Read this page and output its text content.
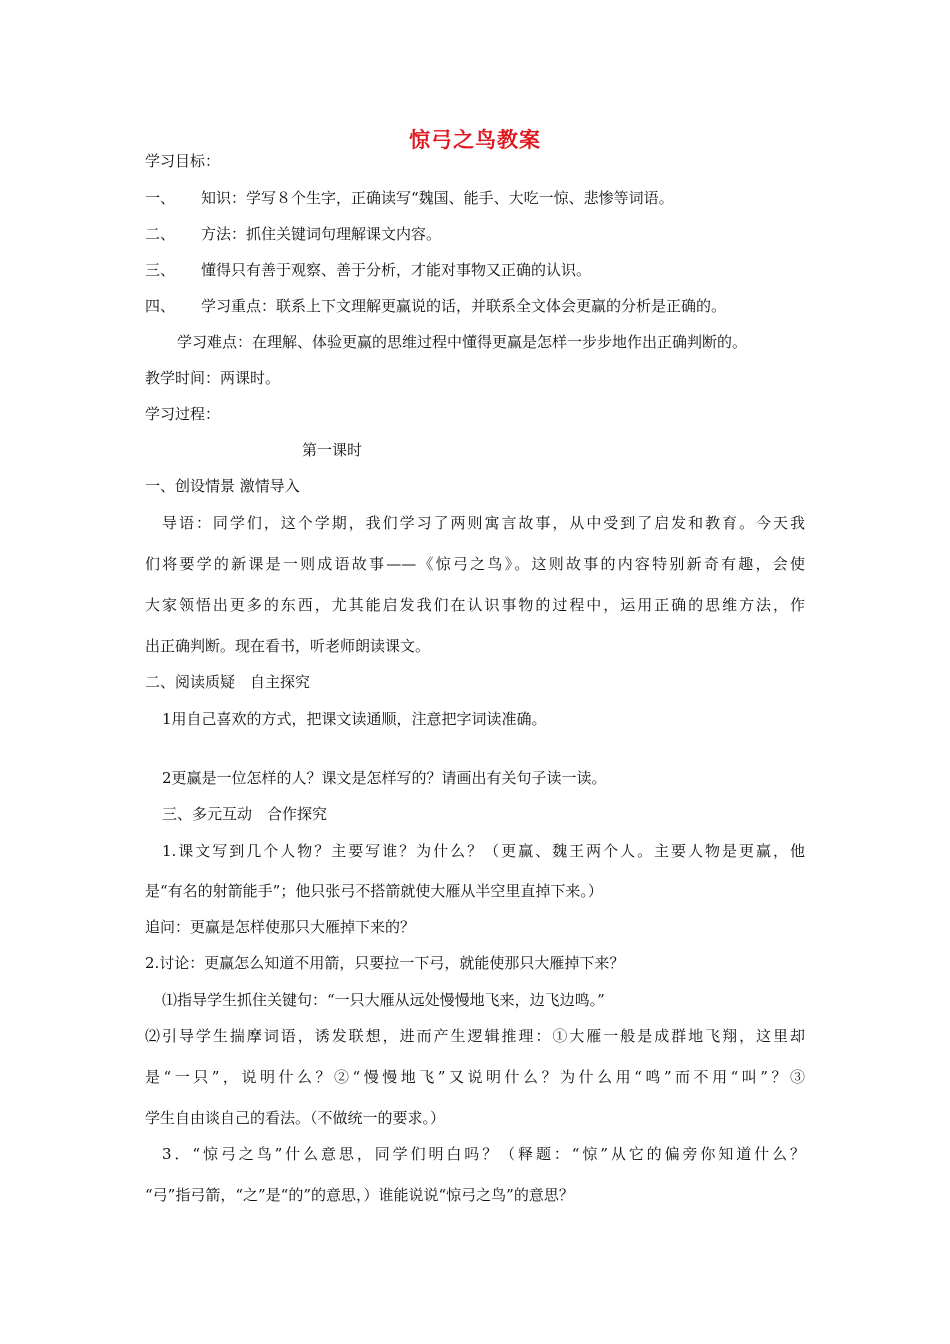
惊弓之鸟教案
学习目标：
一、 知识：学写８个生字，正确读写“魏国、能手、大吃一惊、悲惨等词语。
二、 方法：抓住关键词句理解课文内容。
三、 懂得只有善于观察、善于分析，才能对事物又正确的认识。
四、 学习重点：联系上下文理解更赢说的话，并联系全文体会更赢的分析是正确的。
学习难点：在理解、体验更赢的思维过程中懂得更赢是怎样一步步地作出正确判断的。
教学时间：两课时。
学习过程：
第一课时
一、创设情景 激情导入
导语：同学们，这个学期，我们学习了两则寓言故事，从中受到了启发和教育。今天我
们将要学的新课是一则成语故事——《惊弓之鸟》。这则故事的内容特别新奇有趣，会使
大家领悟出更多的东西，尤其能启发我们在认识事物的过程中，运用正确的思维方法，作
出正确判断。现在看书，听老师朗读课文。
二、阅读质疑　自主探究
1用自己喜欢的方式，把课文读通顺，注意把字词读准确。
2更赢是一位怎样的人？课文是怎样写的？请画出有关句子读一读。
三、多元互动　合作探究
1.课文写到几个人物？主要写谁？为什么？（更赢、魏王两个人。主要人物是更赢，他
是“有名的射箭能手”；他只张弓不搭箭就使大雁从半空里直掉下来。）
追问：更赢是怎样使那只大雁掉下来的？
2.讨论：更赢怎么知道不用箭，只要拉一下弓，就能使那只大雁掉下来？
⑴指导学生抓住关键句：“一只大雁从远处慢慢地飞来，边飞边鸣。”
⑵引导学生揣摩词语，诱发联想，进而产生逻辑推理：①大雁一般是成群地飞翔，这里却
是“一只”，说明什么？②“慢慢地飞”又说明什么？为什么用“鸣”而不用“叫”？③
学生自由谈自己的看法。（不做统一的要求。）
3．“惊弓之鸟”什么意思，同学们明白吗？（释题：“惊”从它的偏旁你知道什么？
“弓”指弓箭，“之”是“的”的意思，）谁能说说“惊弓之鸟”的意思？
